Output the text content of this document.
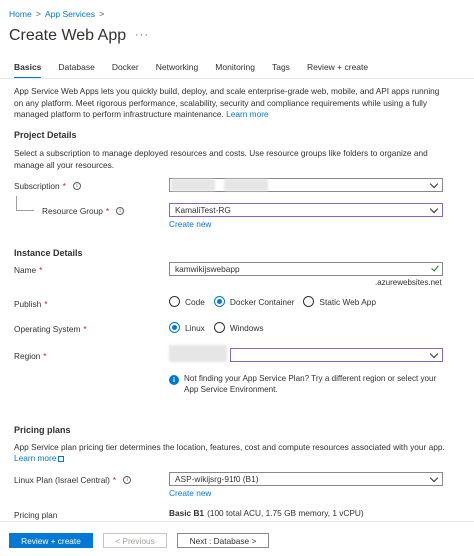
Home > App Services >
Create Web App ···
Basics Database Docker Networking Monitoring Tags Review + create
App Service Web Apps lets you quickly build, deploy, and scale enterprise-grade web, mobile, and API apps running on any platform. Meet rigorous performance, scalability, security and compliance requirements while using a fully managed platform to perform infrastructure maintenance. Learn more
Project Details
Select a subscription to manage deployed resources and costs. Use resource groups like folders to organize and manage all your resources.
Subscription *	i
Resource Group *	i	KamaliTest-RG
Create new
Instance Details
Name *	kamwikijswebapp
.azurewebsites.net
Publish *	Code	Docker Container	Static Web App
Operating System *	Linux	Windows
Region *
i	Not finding your App Service Plan? Try a different region or select your App Service Environment.
Pricing plans
App Service plan pricing tier determines the location, features, cost and compute resources associated with your app.
Learn more
Linux Plan (Israel Central) *	i	ASP-wikijsrg-91f0 (B1)
Create new
Pricing plan	Basic B1 (100 total ACU, 1.75 GB memory, 1 vCPU)
Review + create	< Previous	Next : Database >
